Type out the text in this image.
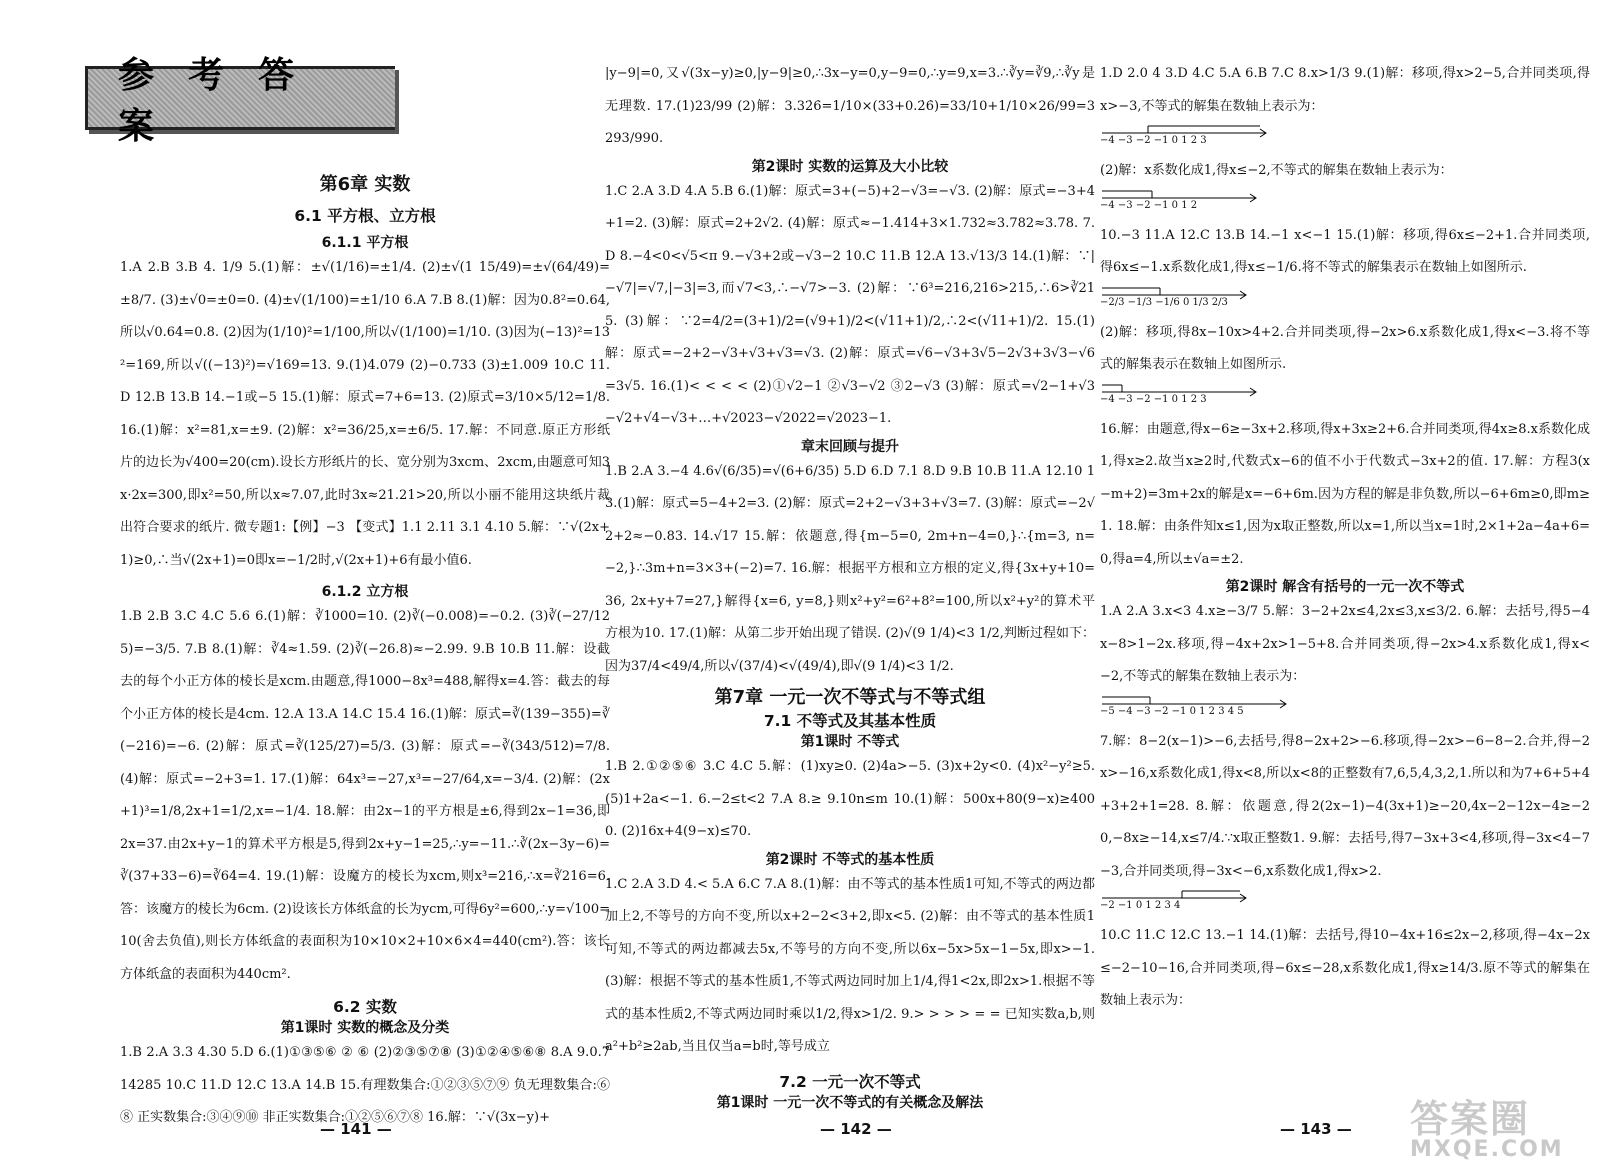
参考答案
第6章 实数
6.1 平方根、立方根
6.1.1 平方根
1.A 2.B 3.B 4. 1/9 5.(1)解：±√(1/16)=±1/4. (2)±√(1 15/49)=±√(64/49)=±8/7. (3)±√0=±0=0. (4)±√(1/100)=±1/10 6.A 7.B 8.(1)解：因为0.8²=0.64,所以√0.64=0.8. (2)因为(1/10)²=1/100,所以√(1/100)=1/10. (3)因为(−13)²=13²=169,所以√((−13)²)=√169=13. 9.(1)4.079 (2)−0.733 (3)±1.009 10.C 11.D 12.B 13.B 14.−1或−5 15.(1)解：原式=7+6=13. (2)原式=3/10×5/12=1/8. 16.(1)解：x²=81,x=±9. (2)解：x²=36/25,x=±6/5. 17.解：不同意.原正方形纸片的边长为√400=20(cm).设长方形纸片的长、宽分别为3xcm、2xcm,由题意可知3x·2x=300,即x²=50,所以x≈7.07,此时3x≈21.21>20,所以小丽不能用这块纸片裁出符合要求的纸片. 微专题1:【例】−3 【变式】1.1 2.11 3.1 4.10 5.解：∵√(2x+1)≥0,∴当√(2x+1)=0即x=−1/2时,√(2x+1)+6有最小值6.
6.1.2 立方根
1.B 2.B 3.C 4.C 5.6 6.(1)解：∛1000=10. (2)∛(−0.008)=−0.2. (3)∛(−27/125)=−3/5. 7.B 8.(1)解：∛4≈1.59. (2)∛(−26.8)≈−2.99. 9.B 10.B 11.解：设截去的每个小正方体的棱长是xcm.由题意,得1000−8x³=488,解得x=4.答：截去的每个小正方体的棱长是4cm. 12.A 13.A 14.C 15.4 16.(1)解：原式=∛(139−355)=∛(−216)=−6. (2)解：原式=∛(125/27)=5/3. (3)解：原式=−∛(343/512)=7/8. (4)解：原式=−2+3=1. 17.(1)解：64x³=−27,x³=−27/64,x=−3/4. (2)解：(2x+1)³=1/8,2x+1=1/2,x=−1/4. 18.解：由2x−1的平方根是±6,得到2x−1=36,即2x=37.由2x+y−1的算术平方根是5,得到2x+y−1=25,∴y=−11.∴∛(2x−3y−6)=∛(37+33−6)=∛64=4. 19.(1)解：设魔方的棱长为xcm,则x³=216,∴x=∛216=6.答：该魔方的棱长为6cm. (2)设该长方体纸盒的长为ycm,可得6y²=600,∴y=√100=10(舍去负值),则长方体纸盒的表面积为10×10×2+10×6×4=440(cm²).答：该长方体纸盒的表面积为440cm².
6.2 实数
第1课时 实数的概念及分类
1.B 2.A 3.3 4.30 5.D 6.(1)①③⑤⑥ ② ⑥ (2)②③⑤⑦⑧ (3)①②④⑤⑥⑧ 8.A 9.0.714285 10.C 11.D 12.C 13.A 14.B 15.有理数集合:①②③⑤⑦⑨ 负无理数集合:⑥⑧ 正实数集合:③④⑨⑩ 非正实数集合:①②⑤⑥⑦⑧ 16.解：∵√(3x−y)+
— 141 —
|y−9|=0,又√(3x−y)≥0,|y−9|≥0,∴3x−y=0,y−9=0,∴y=9,x=3.∴∛y=∛9,∴∛y是无理数. 17.(1)23/99 (2)解：3.32̇6̇=1/10×(33+0.2̇6̇)=33/10+1/10×26/99=3293/990.
第2课时 实数的运算及大小比较
1.C 2.A 3.D 4.A 5.B 6.(1)解：原式=3+(−5)+2−√3=−√3. (2)解：原式=−3+4+1=2. (3)解：原式=2+2√2. (4)解：原式≈−1.414+3×1.732≈3.782≈3.78. 7.D 8.−4<0<√5<π 9.−√3+2或−√3−2 10.C 11.B 12.A 13.√13/3 14.(1)解：∵|−√7|=√7,|−3|=3,而√7<3,∴−√7>−3. (2)解：∵6³=216,216>215,∴6>∛215. (3)解：∵2=4/2=(3+1)/2=(√9+1)/2<(√11+1)/2,∴2<(√11+1)/2. 15.(1)解：原式=−2+2−√3+√3+√3=√3. (2)解：原式=√6−√3+3√5−2√3+3√3−√6=3√5. 16.(1)< < < < (2)①√2−1 ②√3−√2 ③2−√3 (3)解：原式=√2−1+√3−√2+√4−√3+…+√2023−√2022=√2023−1.
章末回顾与提升
1.B 2.A 3.−4 4.6√(6/35)=√(6+6/35) 5.D 6.D 7.1 8.D 9.B 10.B 11.A 12.10 13.(1)解：原式=5−4+2=3. (2)解：原式=2+2−√3+3+√3=7. (3)解：原式=−2√2+2≈−0.83. 14.√17 15.解：依题意,得{m−5=0, 2m+n−4=0,}∴{m=3, n=−2,}∴3m+n=3×3+(−2)=7. 16.解：根据平方根和立方根的定义,得{3x+y+10=36, 2x+y+7=27,}解得{x=6, y=8,}则x²+y²=6²+8²=100,所以x²+y²的算术平方根为10. 17.(1)解：从第二步开始出现了错误. (2)√(9 1/4)<3 1/2,判断过程如下：因为37/4<49/4,所以√(37/4)<√(49/4),即√(9 1/4)<3 1/2.
第7章 一元一次不等式与不等式组
7.1 不等式及其基本性质
第1课时 不等式
1.B 2.①②⑤⑥ 3.C 4.C 5.解：(1)xy≥0. (2)4a>−5. (3)x+2y<0. (4)x²−y²≥5. (5)1+2a<−1. 6.−2≤t<2 7.A 8.≥ 9.10n≤m 10.(1)解：500x+80(9−x)≥4000. (2)16x+4(9−x)≤70.
第2课时 不等式的基本性质
1.C 2.A 3.D 4.< 5.A 6.C 7.A 8.(1)解：由不等式的基本性质1可知,不等式的两边都加上2,不等号的方向不变,所以x+2−2<3+2,即x<5. (2)解：由不等式的基本性质1可知,不等式的两边都减去5x,不等号的方向不变,所以6x−5x>5x−1−5x,即x>−1. (3)解：根据不等式的基本性质1,不等式两边同时加上1/4,得1<2x,即2x>1.根据不等式的基本性质2,不等式两边同时乘以1/2,得x>1/2. 9.> > > > = = 已知实数a,b,则a²+b²≥2ab,当且仅当a=b时,等号成立
7.2 一元一次不等式
第1课时 一元一次不等式的有关概念及解法
— 142 —
1.D 2.0 4 3.D 4.C 5.A 6.B 7.C 8.x>1/3 9.(1)解：移项,得x>2−5,合并同类项,得x>−3,不等式的解集在数轴上表示为：
−4 −3 −2 −1 0 1 2 3
(2)解：x系数化成1,得x≤−2,不等式的解集在数轴上表示为：
−4 −3 −2 −1 0 1 2
10.−3 11.A 12.C 13.B 14.−1 x<−1 15.(1)解：移项,得6x≤−2+1.合并同类项,得6x≤−1.x系数化成1,得x≤−1/6.将不等式的解集表示在数轴上如图所示.
−2/3 −1/3 −1/6 0 1/3 2/3
(2)解：移项,得8x−10x>4+2.合并同类项,得−2x>6.x系数化成1,得x<−3.将不等式的解集表示在数轴上如图所示.
−4 −3 −2 −1 0 1 2 3
16.解：由题意,得x−6≥−3x+2.移项,得x+3x≥2+6.合并同类项,得4x≥8.x系数化成1,得x≥2.故当x≥2时,代数式x−6的值不小于代数式−3x+2的值. 17.解：方程3(x−m+2)=3m+2x的解是x=−6+6m.因为方程的解是非负数,所以−6+6m≥0,即m≥1. 18.解：由条件知x≤1,因为x取正整数,所以x=1,所以当x=1时,2×1+2a−4a+6=0,得a=4,所以±√a=±2.
第2课时 解含有括号的一元一次不等式
1.A 2.A 3.x<3 4.x≥−3/7 5.解：3−2+2x≤4,2x≤3,x≤3/2. 6.解：去括号,得5−4x−8>1−2x.移项,得−4x+2x>1−5+8.合并同类项,得−2x>4.x系数化成1,得x<−2,不等式的解集在数轴上表示为：
−5 −4 −3 −2 −1 0 1 2 3 4 5
7.解：8−2(x−1)>−6,去括号,得8−2x+2>−6.移项,得−2x>−6−8−2.合并,得−2x>−16,x系数化成1,得x<8,所以x<8的正整数有7,6,5,4,3,2,1.所以和为7+6+5+4+3+2+1=28. 8.解：依题意,得2(2x−1)−4(3x+1)≥−20,4x−2−12x−4≥−20,−8x≥−14,x≤7/4.∵x取正整数1. 9.解：去括号,得7−3x+3<4,移项,得−3x<4−7−3,合并同类项,得−3x<−6,x系数化成1,得x>2.
−2 −1 0 1 2 3 4
10.C 11.C 12.C 13.−1 14.(1)解：去括号,得10−4x+16≤2x−2,移项,得−4x−2x≤−2−10−16,合并同类项,得−6x≤−28,x系数化成1,得x≥14/3.原不等式的解集在数轴上表示为：
— 143 — 答案圈
MXQE.COM
